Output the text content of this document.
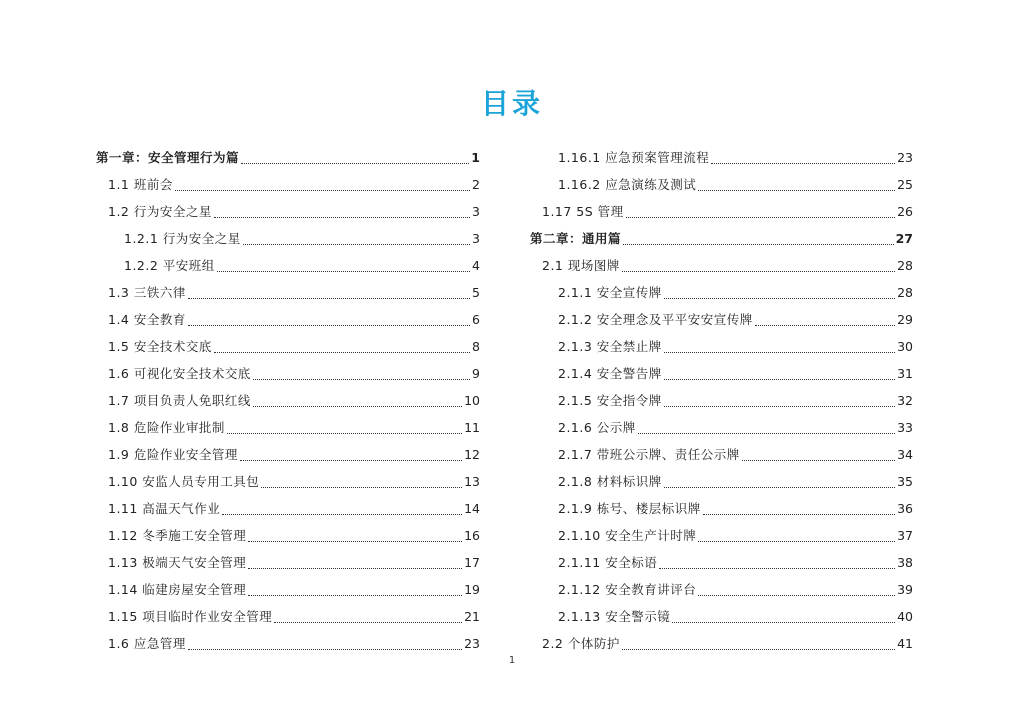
目录
第一章：安全管理行为篇	1
1.1 班前会	2
1.2 行为安全之星	3
1.2.1 行为安全之星	3
1.2.2 平安班组	4
1.3 三铁六律	5
1.4 安全教育	6
1.5 安全技术交底	8
1.6 可视化安全技术交底	9
1.7 项目负责人免职红线	10
1.8 危险作业审批制	11
1.9 危险作业安全管理	12
1.10 安监人员专用工具包	13
1.11 高温天气作业	14
1.12 冬季施工安全管理	16
1.13 极端天气安全管理	17
1.14 临建房屋安全管理	19
1.15 项目临时作业安全管理	21
1.6 应急管理	23
1.16.1 应急预案管理流程	23
1.16.2 应急演练及测试	25
1.17 5S 管理	26
第二章：通用篇	27
2.1 现场图牌	28
2.1.1 安全宣传牌	28
2.1.2 安全理念及平平安安宣传牌	29
2.1.3 安全禁止牌	30
2.1.4 安全警告牌	31
2.1.5 安全指令牌	32
2.1.6 公示牌	33
2.1.7 带班公示牌、责任公示牌	34
2.1.8 材料标识牌	35
2.1.9 栋号、楼层标识牌	36
2.1.10 安全生产计时牌	37
2.1.11 安全标语	38
2.1.12 安全教育讲评台	39
2.1.13 安全警示镜	40
2.2 个体防护	41
1
